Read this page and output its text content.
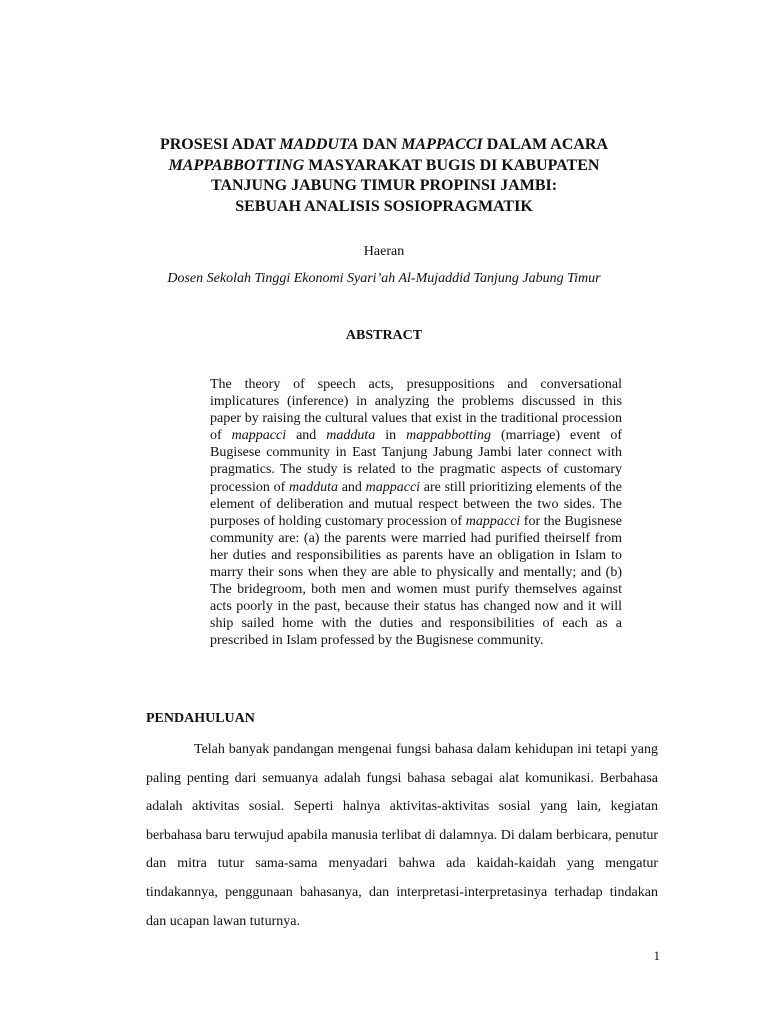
PROSESI ADAT MADDUTA DAN MAPPACCI DALAM ACARA
MAPPABBOTTING MASYARAKAT BUGIS DI KABUPATEN
TANJUNG JABUNG TIMUR PROPINSI JAMBI:
SEBUAH ANALISIS SOSIOPRAGMATIK

Haeran

Dosen Sekolah Tinggi Ekonomi Syari’ah Al-Mujaddid Tanjung Jabung Timur

ABSTRACT

The theory of speech acts, presuppositions and conversational implicatures (inference) in analyzing the problems discussed in this paper by raising the cultural values that exist in the traditional procession of mappacci and madduta in mappabbotting (marriage) event of Bugisese community in East Tanjung Jabung Jambi later connect with pragmatics. The study is related to the pragmatic aspects of customary procession of madduta and mappacci are still prioritizing elements of the element of deliberation and mutual respect between the two sides. The purposes of holding customary procession of mappacci for the Bugisnese community are: (a) the parents were married had purified theirself from her duties and responsibilities as parents have an obligation in Islam to marry their sons when they are able to physically and mentally; and (b) The bridegroom, both men and women must purify themselves against acts poorly in the past, because their status has changed now and it will ship sailed home with the duties and responsibilities of each as a prescribed in Islam professed by the Bugisnese community.

PENDAHULUAN

Telah banyak pandangan mengenai fungsi bahasa dalam kehidupan ini tetapi yang paling penting dari semuanya adalah fungsi bahasa sebagai alat komunikasi. Berbahasa adalah aktivitas sosial. Seperti halnya aktivitas-aktivitas sosial yang lain, kegiatan berbahasa baru terwujud apabila manusia terlibat di dalamnya. Di dalam berbicara, penutur dan mitra tutur sama-sama menyadari bahwa ada kaidah-kaidah yang mengatur tindakannya, penggunaan bahasanya, dan interpretasi-interpretasinya terhadap tindakan dan ucapan lawan tuturnya.

1
